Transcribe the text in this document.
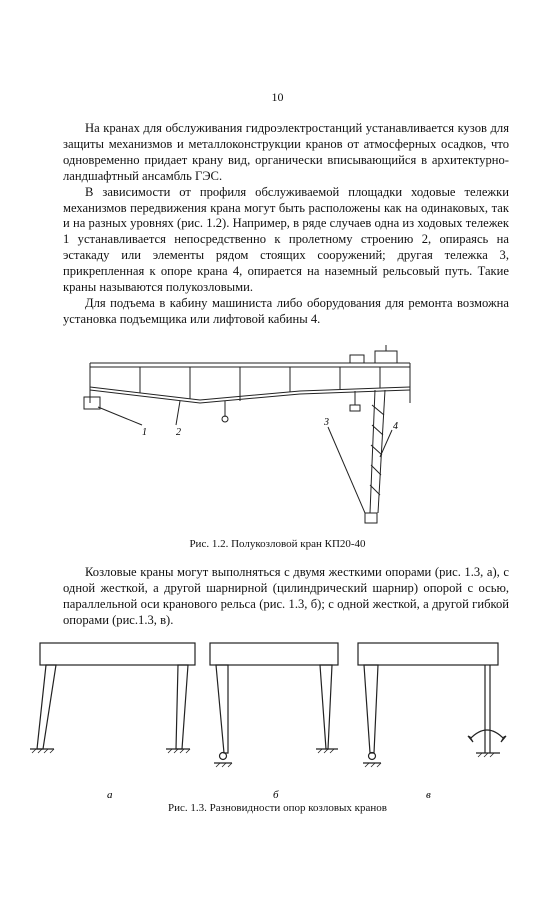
10

На кранах для обслуживания гидроэлектростанций устанавливается кузов для защиты механизмов и металлоконструкции кранов от атмосферных осадков, что одновременно придает крану вид, органически вписывающийся в архитектурно-ландшафтный ансамбль ГЭС.

В зависимости от профиля обслуживаемой площадки ходовые тележки механизмов передвижения крана могут быть расположены как на одинаковых, так и на разных уровнях (рис. 1.2). Например, в ряде случаев одна из ходовых тележек 1 устанавливается непосредственно к пролетному строению 2, опираясь на эстакаду или элементы рядом стоящих сооружений; другая тележка 3, прикрепленная к опоре крана 4, опирается на наземный рельсовый путь. Такие краны называются полукозловыми.

Для подъема в кабину машиниста либо оборудования для ремонта возможна установка подъемщика или лифтовой кабины 4.

1	2
3	4
Рис. 1.2. Полукозловой кран КП20-40

Козловые краны могут выполняться с двумя жесткими опорами (рис. 1.3, а), с одной жесткой, а другой шарнирной (цилиндрический шарнир) опорой с осью, параллельной оси кранового рельса (рис. 1.3, б); с одной жесткой, а другой гибкой опорами (рис.1.3, в).

а	б	в
Рис. 1.3. Разновидности опор козловых кранов
